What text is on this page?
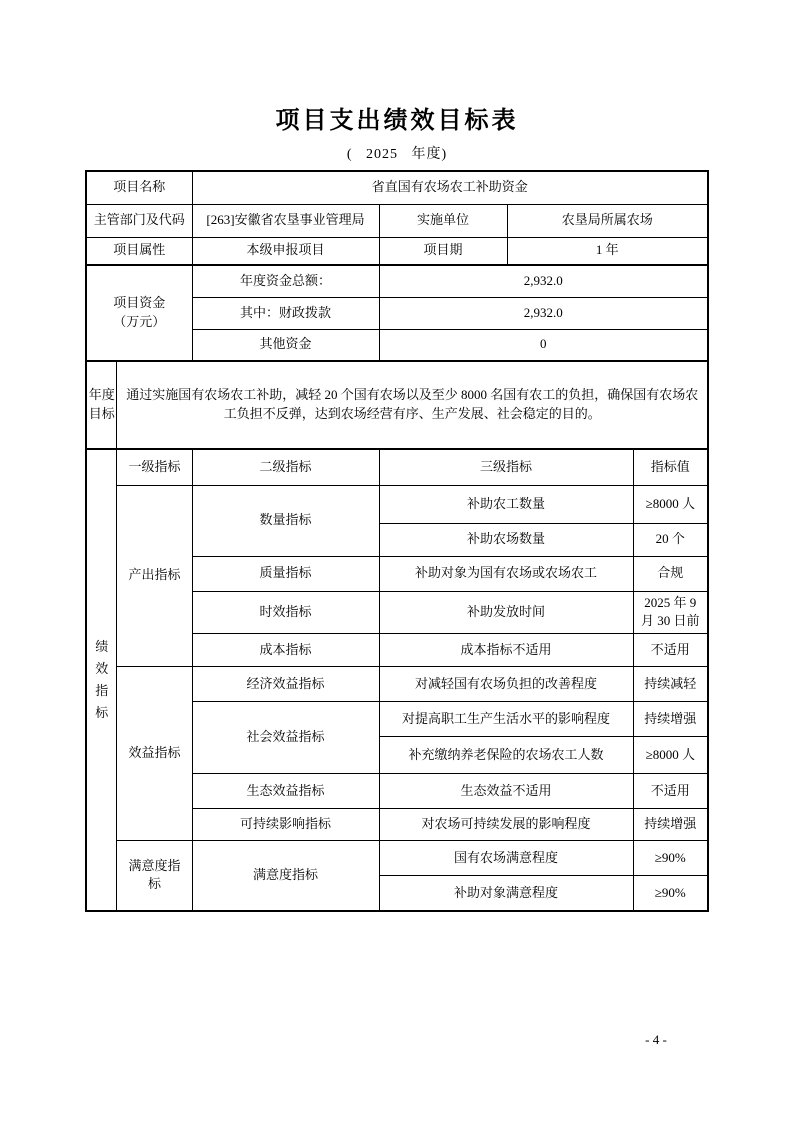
项目支出绩效目标表
(   2025   年度)
项目名称		省直国有农场农工补助资金			
主管部门及代码		[263]安徽省农垦事业管理局	实施单位	农垦局所属农场	
项目属性		本级申报项目	项目期	1 年	

项目资金
（万元）		年度资金总额：	2,932.0		
		其中：财政拨款	2,932.0		
		其他资金	0		
年度目标	通过实施国有农场农工补助，减轻 20 个国有农场以及至少 8000 名国有农工的负担，确保国有农场农工负担不反弹，达到农场经营有序、生产发展、社会稳定的目的。				
绩效指标	一级指标	二级指标	三级指标		指标值
	产出指标	数量指标	补助农工数量		≥8000 人
			补助农场数量		20 个
		质量指标	补助对象为国有农场或农场农工		合规
		时效指标	补助发放时间		2025 年 9 月 30 日前
		成本指标	成本指标不适用		不适用
	效益指标	经济效益指标	对减轻国有农场负担的改善程度		持续减轻
		社会效益指标	对提高职工生产生活水平的影响程度		持续增强
			补充缴纳养老保险的农场农工人数		≥8000 人
		生态效益指标	生态效益不适用		不适用
		可持续影响指标	对农场可持续发展的影响程度		持续增强
	满意度指标	满意度指标	国有农场满意程度		≥90%
			补助对象满意程度		≥90%
- 4 -
